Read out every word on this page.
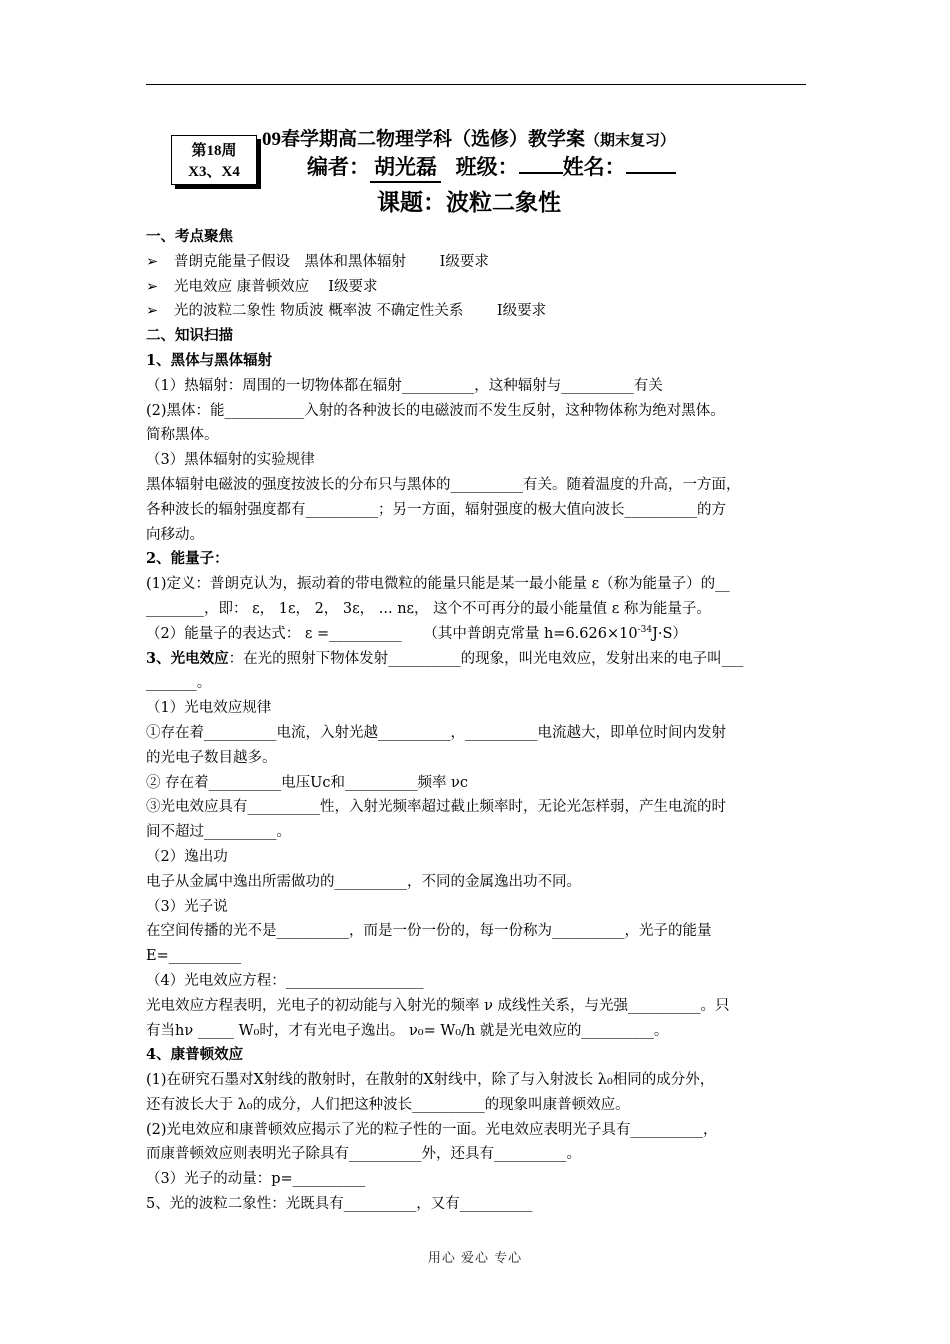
第18周
X3、X4
09春学期高二物理学科（选修）教学案（期末复习）
编者： 胡光磊 班级： 姓名：
课题：波粒二象性
一、考点聚焦
➢ 普朗克能量子假设　黑体和黑体辐射　　 Ⅰ级要求
➢ 光电效应 康普顿效应　 Ⅰ级要求
➢ 光的波粒二象性 物质波 概率波 不确定性关系　　 Ⅰ级要求
二、知识扫描
1、黑体与黑体辐射
（1）热辐射：周围的一切物体都在辐射__________，这种辐射与__________有关
(2)黑体：能___________入射的各种波长的电磁波而不发生反射，这种物体称为绝对黑体。
简称黑体。
（3）黑体辐射的实验规律
黑体辐射电磁波的强度按波长的分布只与黑体的__________有关。随着温度的升高，一方面，
各种波长的辐射强度都有__________；另一方面，辐射强度的极大值向波长__________的方
向移动。
2、能量子：
(1)定义：普朗克认为，振动着的带电微粒的能量只能是某一最小能量 ε（称为能量子）的__
________，即： ε， 1ε， 2， 3ε， ... nε， 这个不可再分的最小能量值 ε 称为能量子。
（2）能量子的表达式： ε =__________　　（其中普朗克常量 $h=6.626\times 10^{-34}J\cdot S$）
3、光电效应：在光的照射下物体发射__________的现象，叫光电效应，发射出来的电子叫___
_______。
（1）光电效应规律
①存在着__________电流，入射光越__________，__________电流越大，即单位时间内发射
的光电子数目越多。
② 存在着__________电压Uc和__________频率 νc
③光电效应具有__________性，入射光频率超过截止频率时，无论光怎样弱，产生电流的时
间不超过__________。
（2）逸出功
电子从金属中逸出所需做功的__________，不同的金属逸出功不同。
（3）光子说
在空间传播的光不是__________，而是一份一份的，每一份称为__________，光子的能量
E=__________
（4）光电效应方程：___________________
光电效应方程表明，光电子的初动能与入射光的频率 ν 成线性关系，与光强__________。只
有当hν _____ W₀时，才有光电子逸出。 ν₀= W₀/h 就是光电效应的__________。
4、康普顿效应
(1)在研究石墨对X射线的散射时，在散射的X射线中，除了与入射波长 λ₀相同的成分外，
还有波长大于 λ₀的成分，人们把这种波长__________的现象叫康普顿效应。
(2)光电效应和康普顿效应揭示了光的粒子性的一面。光电效应表明光子具有__________，
而康普顿效应则表明光子除具有__________外，还具有__________。
（3）光子的动量：p=__________
5、光的波粒二象性：光既具有__________，又有__________
用心 爱心 专心
